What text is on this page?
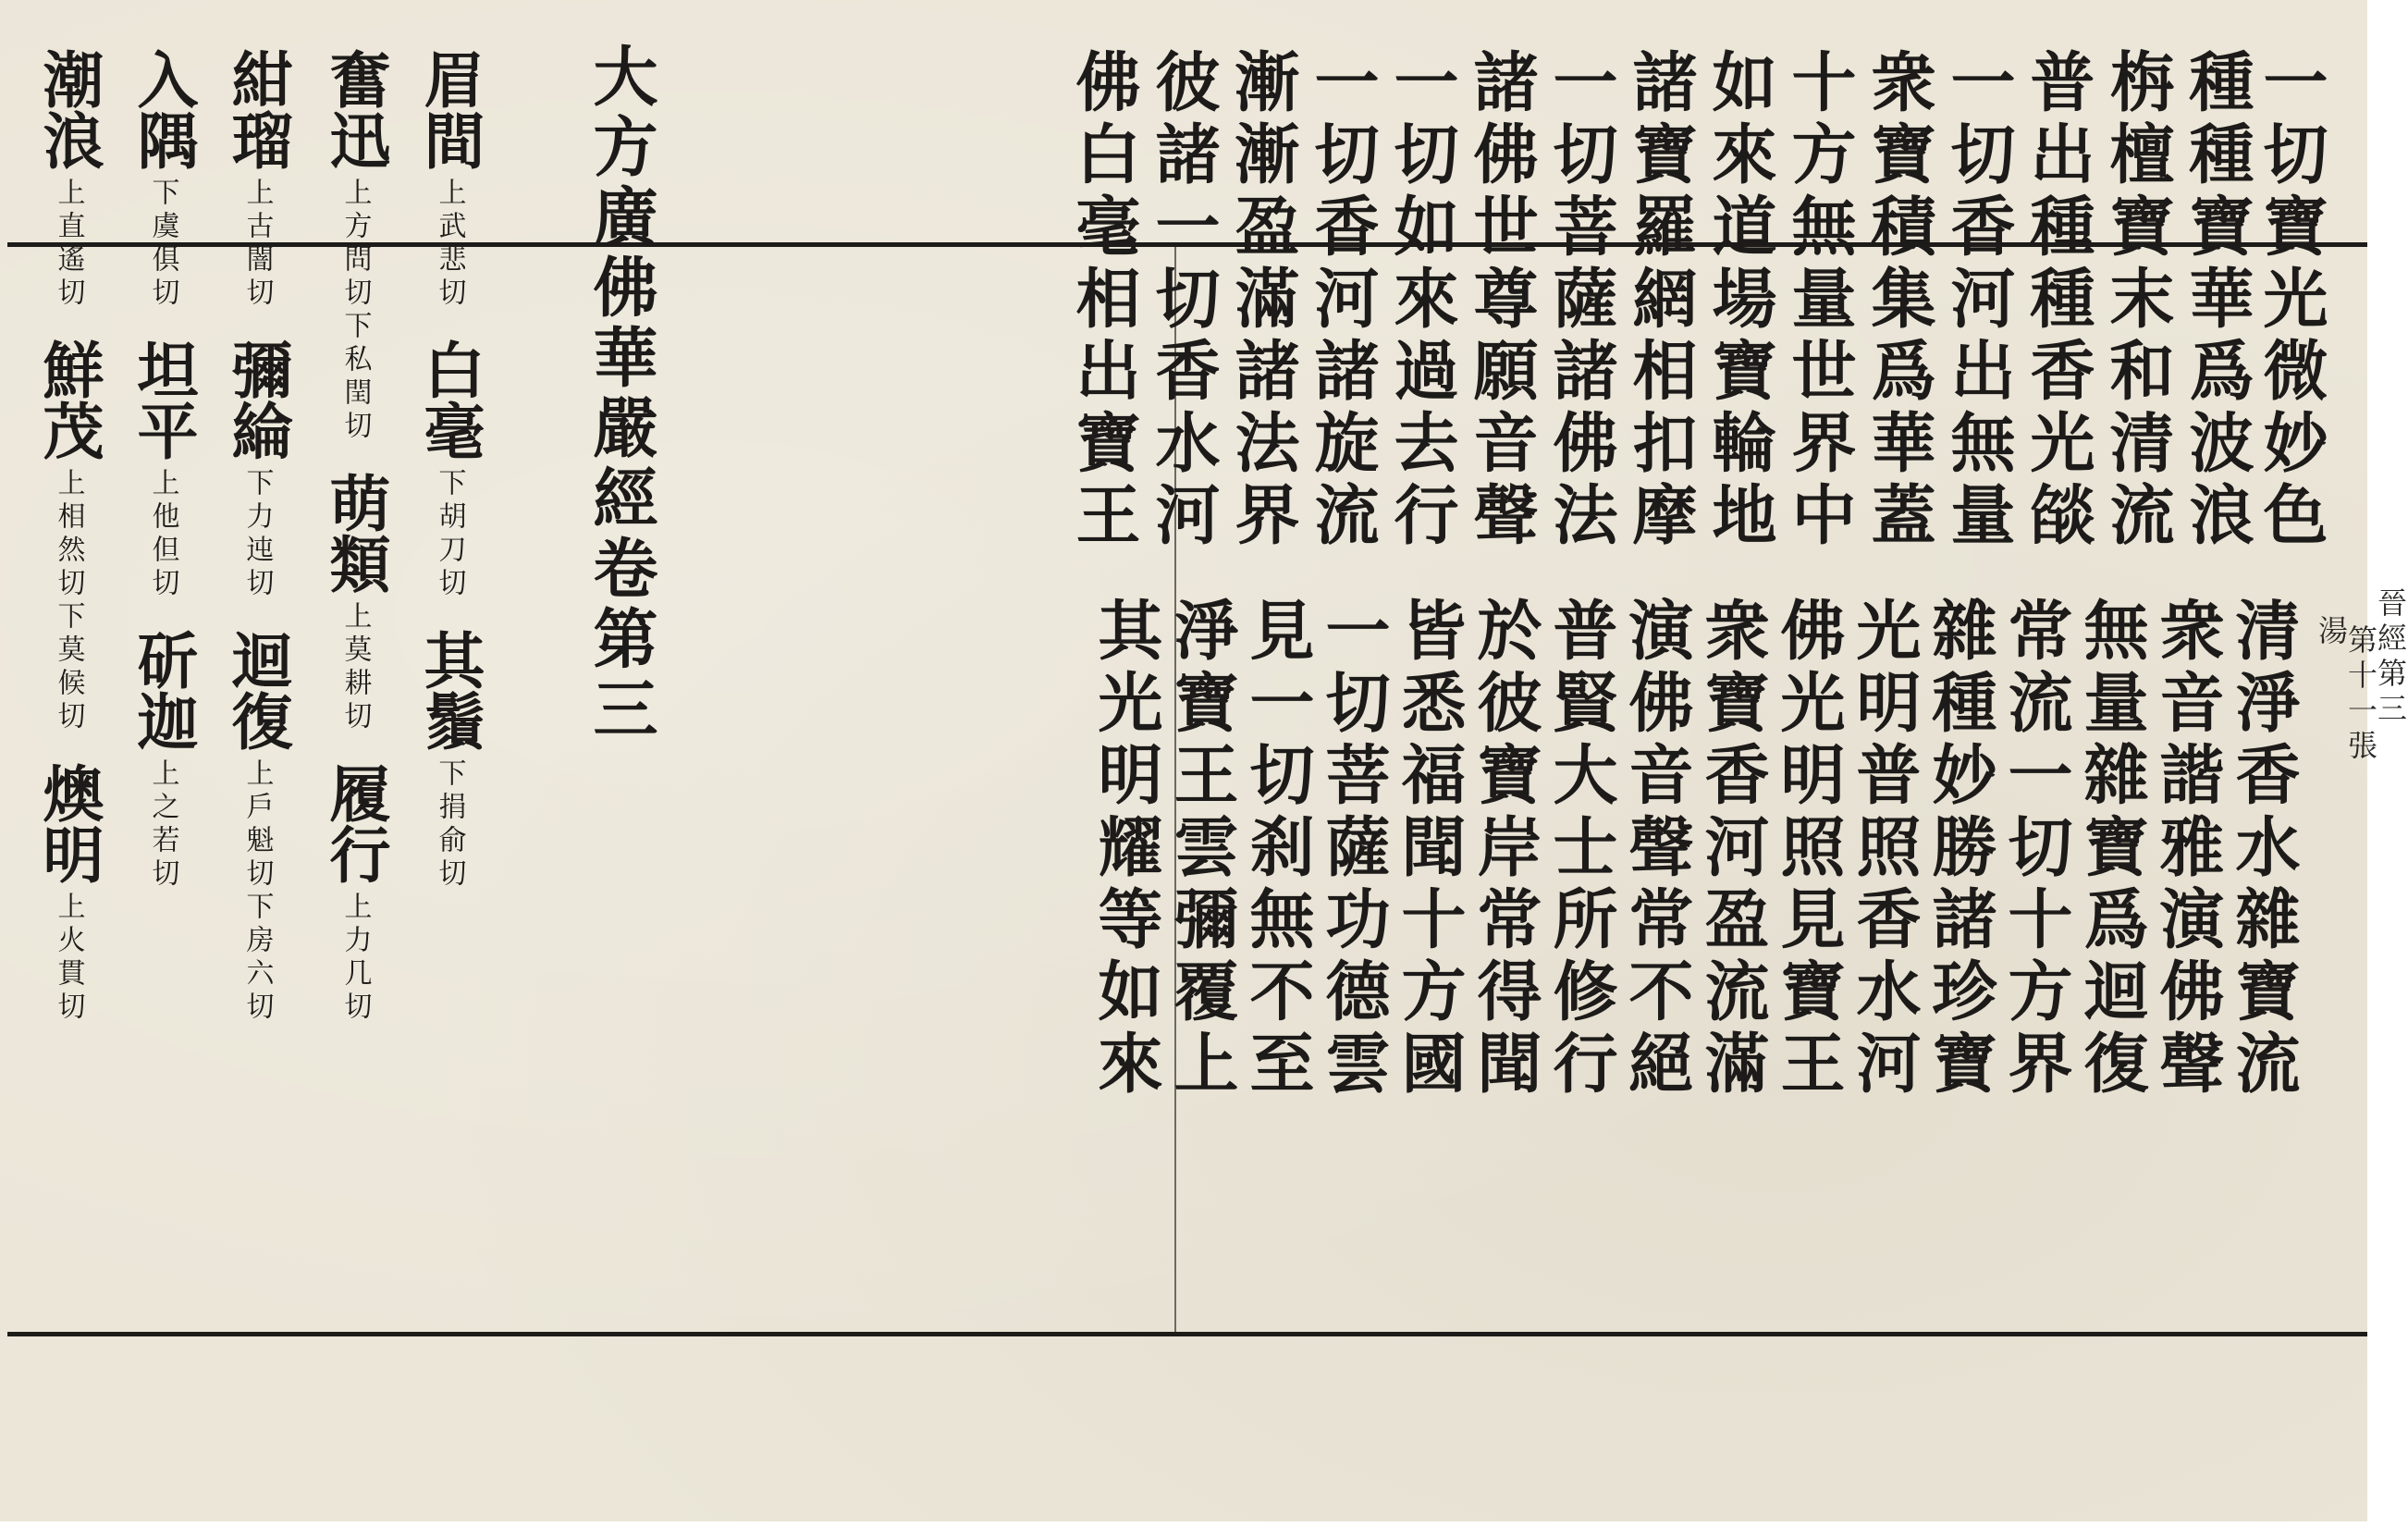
一切寶光微妙色
種種寶華爲波浪
栴檀寶末和清流
普出種種香光燄
一切香河出無量
衆寶積集爲華蓋
十方無量世界中
如來道場寶輪地
諸寶羅網相扣摩
一切菩薩諸佛法
諸佛世尊願音聲
一切如來過去行
一切香河諸旋流
漸漸盈滿諸法界
彼諸一切香水河
佛白毫相出寶王
清淨香水雜寶流
衆音諧雅演佛聲
無量雜寶爲迴復
常流一切十方界
雜種妙勝諸珍寶
光明普照香水河
佛光明照見寶王
衆寶香河盈流滿
演佛音聲常不絕
普賢大士所修行
於彼寶岸常得聞
皆悉福聞十方國
一切菩薩功德雲
見一切刹無不至
淨寶王雲彌覆上
其光明耀等如來
大方廣佛華嚴經卷第三
眉間
上武悲切
白毫
下胡刀切
其鬚
下捐俞切
奮迅
上方問切下私閏切
萌類
上莫耕切
履行
上力几切
紺瑠
上古闇切
彌綸
下力迍切
迴復
上戶魁切下房六切
入隅
下虞俱切
坦平
上他但切
斫迦
上之若切
潮浪
上直遙切
鮮茂
上相然切下莫候切
燠明
上火貫切
晉經第三
第十一張
湯
